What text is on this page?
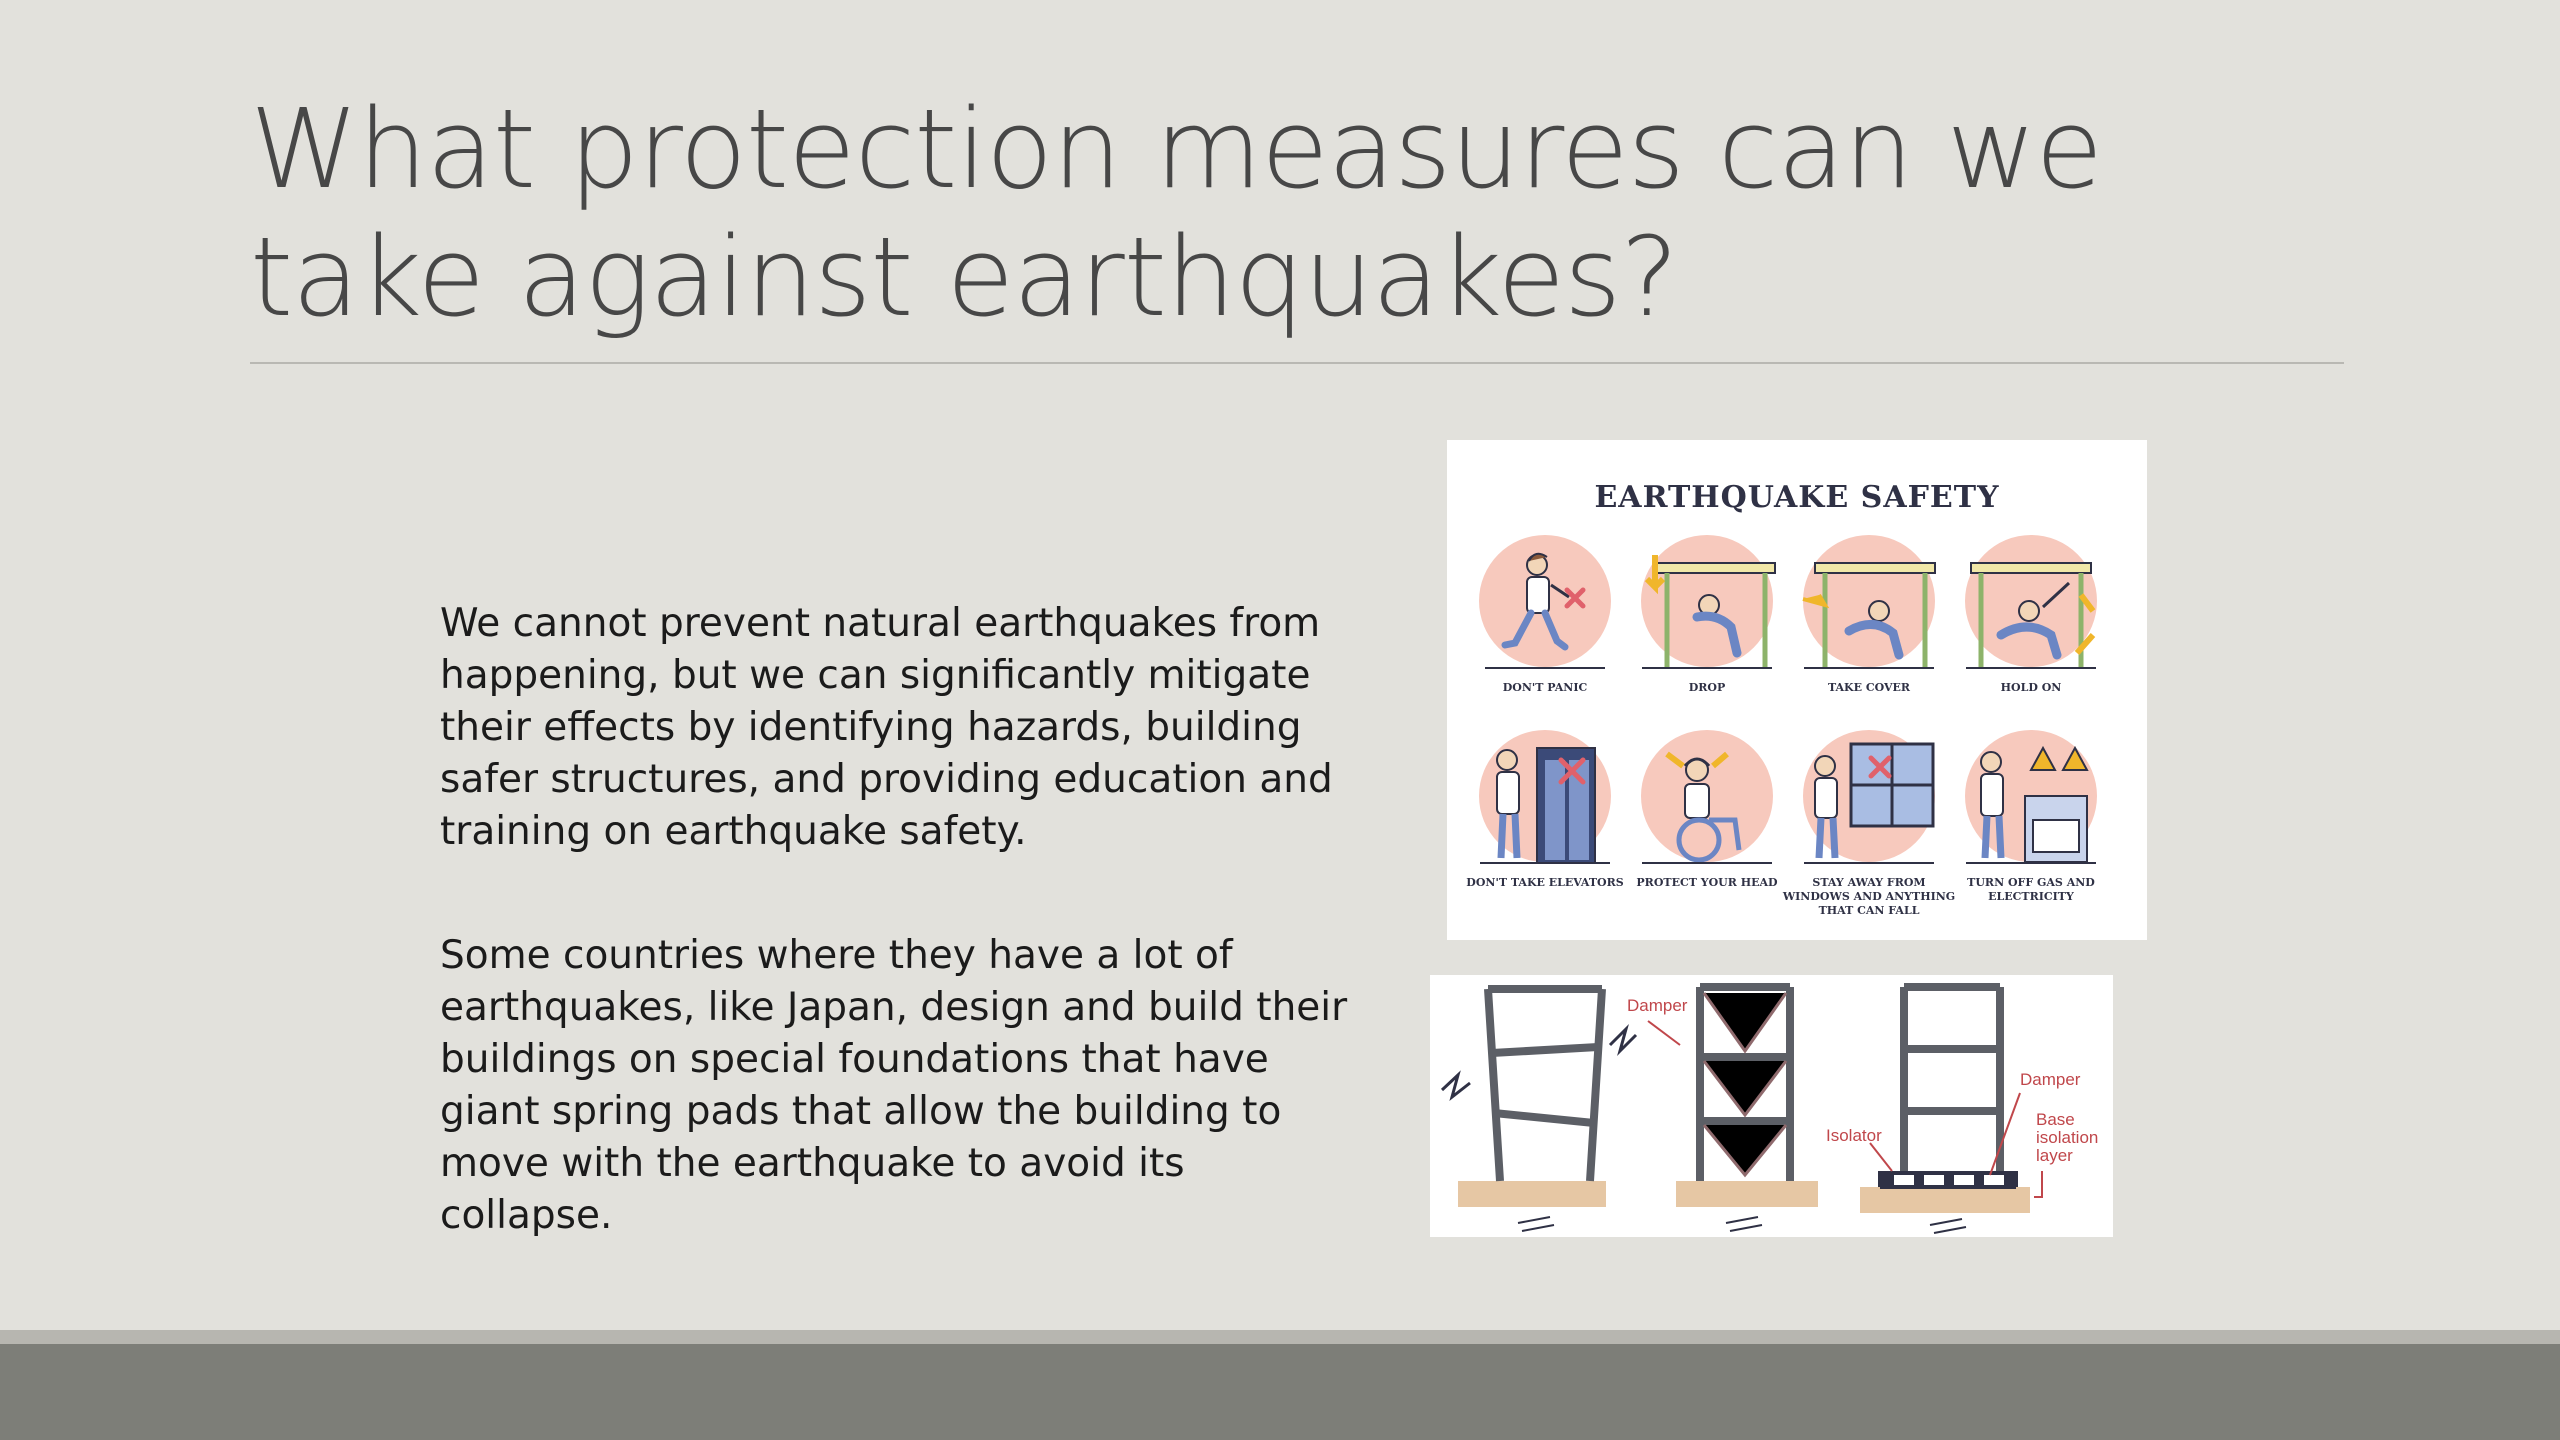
What protection measures can we take against earthquakes?

We cannot prevent natural earthquakes from happening, but we can significantly mitigate their effects by identifying hazards, building safer structures, and providing education and training on earthquake safety.

Some countries where they have a lot of earthquakes, like Japan, design and build their buildings on special foundations that have giant spring pads that allow the building to move with the earthquake to avoid its collapse.

EARTHQUAKE SAFETY
DON'T PANIC	DROP	TAKE COVER	HOLD ON
DON'T TAKE ELEVATORS	PROTECT YOUR HEAD	STAY AWAY FROM WINDOWS AND ANYTHING THAT CAN FALL
TURN OFF GAS AND ELECTRICITY
Damper
Damper
Isolator
Base isolation layer
